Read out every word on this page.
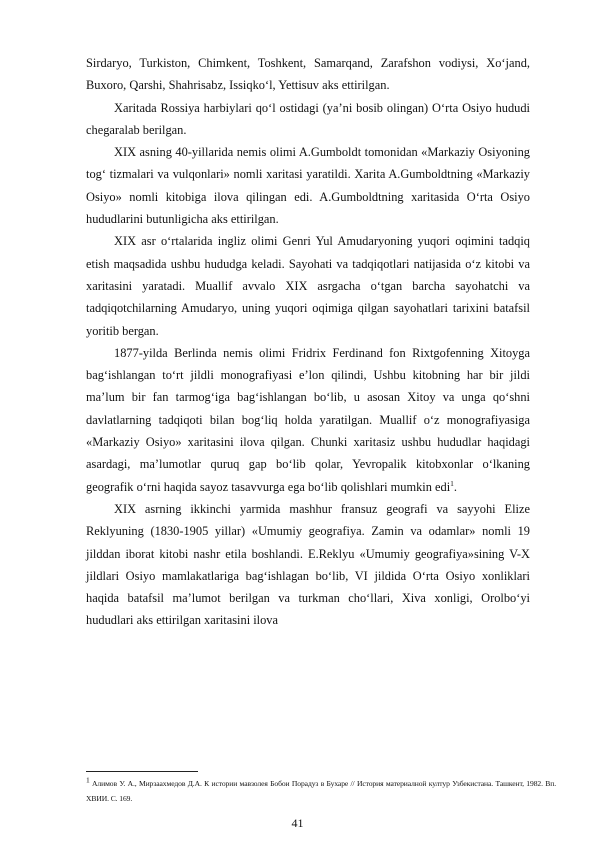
Sirdaryo, Turkiston, Chimkent, Toshkent, Samarqand, Zarafshon vodiysi, Xo‘jand, Buxoro, Qarshi, Shahrisabz, Issiqko‘l, Yettisuv aks ettirilgan.

Xaritada Rossiya harbiylari qo‘l ostidagi (ya’ni bosib olingan) O‘rta Osiyo hududi chegaralab berilgan.

XIX asning 40-yillarida nemis olimi A.Gumboldt tomonidan «Markaziy Osiyoning tog‘ tizmalari va vulqonlari» nomli xaritasi yaratildi. Xarita A.Gumboldtning «Markaziy Osiyo» nomli kitobiga ilova qilingan edi. A.Gumboldtning xaritasida O‘rta Osiyo hududlarini butunligicha aks ettirilgan.

XIX asr o‘rtalarida ingliz olimi Genri Yul Amudaryoning yuqori oqimini tadqiq etish maqsadida ushbu hududga keladi. Sayohati va tadqiqotlari natijasida o‘z kitobi va xaritasini yaratadi. Muallif avvalo XIX asrgacha o‘tgan barcha sayohatchi va tadqiqotchilarning Amudaryo, uning yuqori oqimiga qilgan sayohatlari tarixini batafsil yoritib bergan.

1877-yilda Berlinda nemis olimi Fridrix Ferdinand fon Rixtgofenning Xitoyga bag‘ishlangan to‘rt jildli monografiyasi e’lon qilindi, Ushbu kitobning har bir jildi ma’lum bir fan tarmog‘iga bag‘ishlangan bo‘lib, u asosan Xitoy va unga qo‘shni davlatlarning tadqiqoti bilan bog‘liq holda yaratilgan. Muallif o‘z monografiyasiga «Markaziy Osiyo» xaritasini ilova qilgan. Chunki xaritasiz ushbu hududlar haqidagi asardagi, ma’lumotlar quruq gap bo‘lib qolar, Yevropalik kitobxonlar o‘lkaning geografik o‘rni haqida sayoz tasavvurga ega bo‘lib qolishlari mumkin edi$^1$.

XIX asrning ikkinchi yarmida mashhur fransuz geografi va sayyohi Elize Reklyuning (1830-1905 yillar) «Umumiy geografiya. Zamin va odamlar» nomli 19 jilddan iborat kitobi nashr etila boshlandi. E.Reklyu «Umumiy geografiya»sining V-X jildlari Osiyo mamlakatlariga bag‘ishlagan bo‘lib, VI jildida O‘rta Osiyo xonliklari haqida batafsil ma’lumot berilgan va turkman cho‘llari, Xiva xonligi, Orolbo‘yi hududlari aks ettirilgan xaritasini ilova

$^1$ Алимов У. А., Мирзаахмедов Д.А. К истории мавзолея Бобои Порадуз в Бухаре // История материалной култур Узбекистана. Ташкент, 1982. Вп. ХВИИ. С. 169.

41
